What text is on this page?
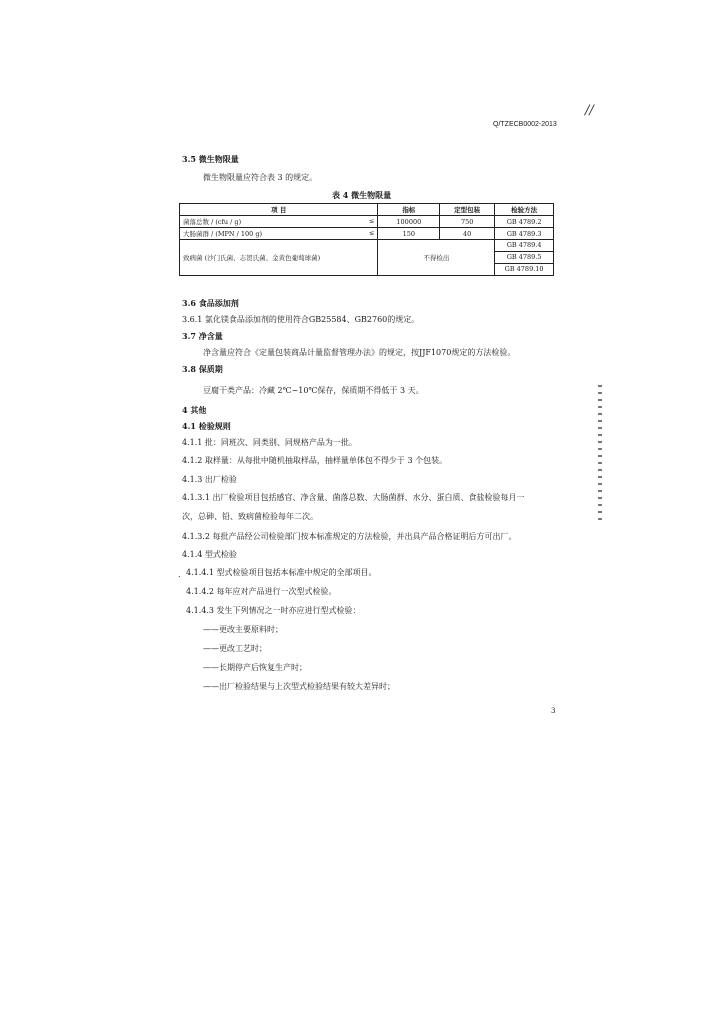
//
Q/TZECB0002-2013
3.5 微生物限量
微生物限量应符合表 3 的规定。
表 4 微生物限量
项 目	指标	定型包装	检验方法

菌落总数 / (cfu / g) ≤	100000	750	GB 4789.2

大肠菌群 / (MPN / 100 g) ≤	150	40	GB 4789.3
致病菌 (沙门氏菌、志贺氏菌、金黄色葡萄球菌)	不得检出		GB 4789.4
GB 4789.5
GB 4789.10
3.6 食品添加剂
3.6.1 氯化镁食品添加剂的使用符合GB25584、GB2760的规定。
3.7 净含量
净含量应符合《定量包装商品计量监督管理办法》的规定，按JJF1070规定的方法检验。
3.8 保质期
豆腐干类产品：冷藏 2℃~10℃保存，保质期不得低于 3 天。
4 其他
4.1 检验规则
4.1.1 批：同班次、同类别、同规格产品为一批。
4.1.2 取样量：从每批中随机抽取样品，抽样量单体包不得少于 3 个包装。
4.1.3 出厂检验
4.1.3.1 出厂检验项目包括感官、净含量、菌落总数、大肠菌群、水分、蛋白质、食盐检验每月一
次，总砷、铅、致病菌检验每年二次。
4.1.3.2 每批产品经公司检验部门按本标准规定的方法检验，并出具产品合格证明后方可出厂。
4.1.4 型式检验
. 4.1.4.1 型式检验项目包括本标准中规定的全部项目。
4.1.4.2 每年应对产品进行一次型式检验。
4.1.4.3 发生下列情况之一时亦应进行型式检验：
——更改主要原料时；
——更改工艺时；
——长期停产后恢复生产时；
——出厂检验结果与上次型式检验结果有较大差异时；
3
